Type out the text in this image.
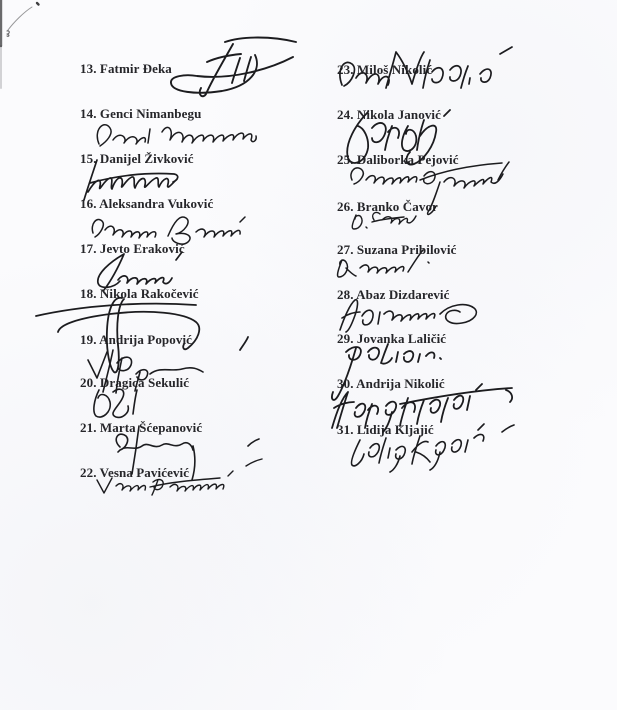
13. Fatmir Đeka
14. Genci Nimanbegu
15. Danijel Živković
16. Aleksandra Vuković
17. Jevto Eraković
18. Nikola Rakočević
19. Andrija Popović
20. Dragica Sekulić
21. Marta Šćepanović
22. Vesna Pavićević
23. Miloš Nikolić
24. Nikola Janović
25. Daliborka Pejović
26. Branko Čavor
27. Suzana Pribilović
28. Abaz Dizdarević
29. Jovanka Laličić
30. Andrija Nikolić
31. Lidija Kljajić
